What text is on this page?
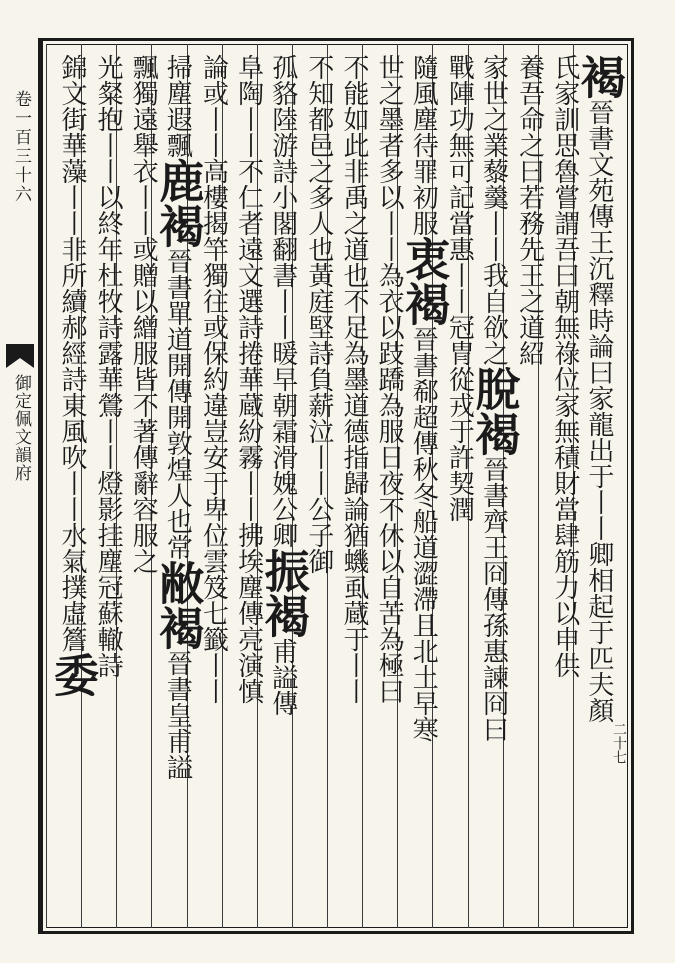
卷一百三十六
御定佩文韻府
褐晉書文苑傳王沉釋時論曰家龍出于丨丨卿相起于匹夫顏
氏家訓思魯嘗謂吾曰朝無祿位家無積財當肆筋力以申供
養吾命之曰若務先王之道紹
家世之業藜羹丨丨我自欲之脫褐晉書齊王冏傳孫惠諫冏曰
戰陣功無可記當惠丨丨冠冑從戎于許契潤
隨風塵待罪初服衷褐晉書郗超傳秋冬船道澀滯且北土早寒
世之墨者多以丨丨為衣以跂蹻為服日夜不休以自苦為極曰
不能如此非禹之道也不足為墨道德指歸論猶蟣虱蔵于丨丨
不知都邑之多人也黃庭堅詩負薪泣丨丨公子御
孤貉陸游詩小閣翻書丨丨暖早朝霜滑媿公卿振褐甫謚傳
阜陶丨丨不仁者遠文選詩捲華蔵紛霧丨丨拂埃塵傳亮演慎
論或丨丨高樓揭竿獨往或保約違豈安于卑位雲笈七籤丨丨
掃塵遐飄鹿褐晉書單道開傳開敦煌人也常敝褐晉書皇甫謚
飄獨遠舉衣丨丨或贈以繒服皆不著傳辭容服之
光粲抱丨丨以終年杜牧詩露華鶯丨丨燈影挂塵冠蘇轍詩
錦文街華藻丨丨非所續郝經詩東風吹丨丨水氣撲虛簷委
二十七
